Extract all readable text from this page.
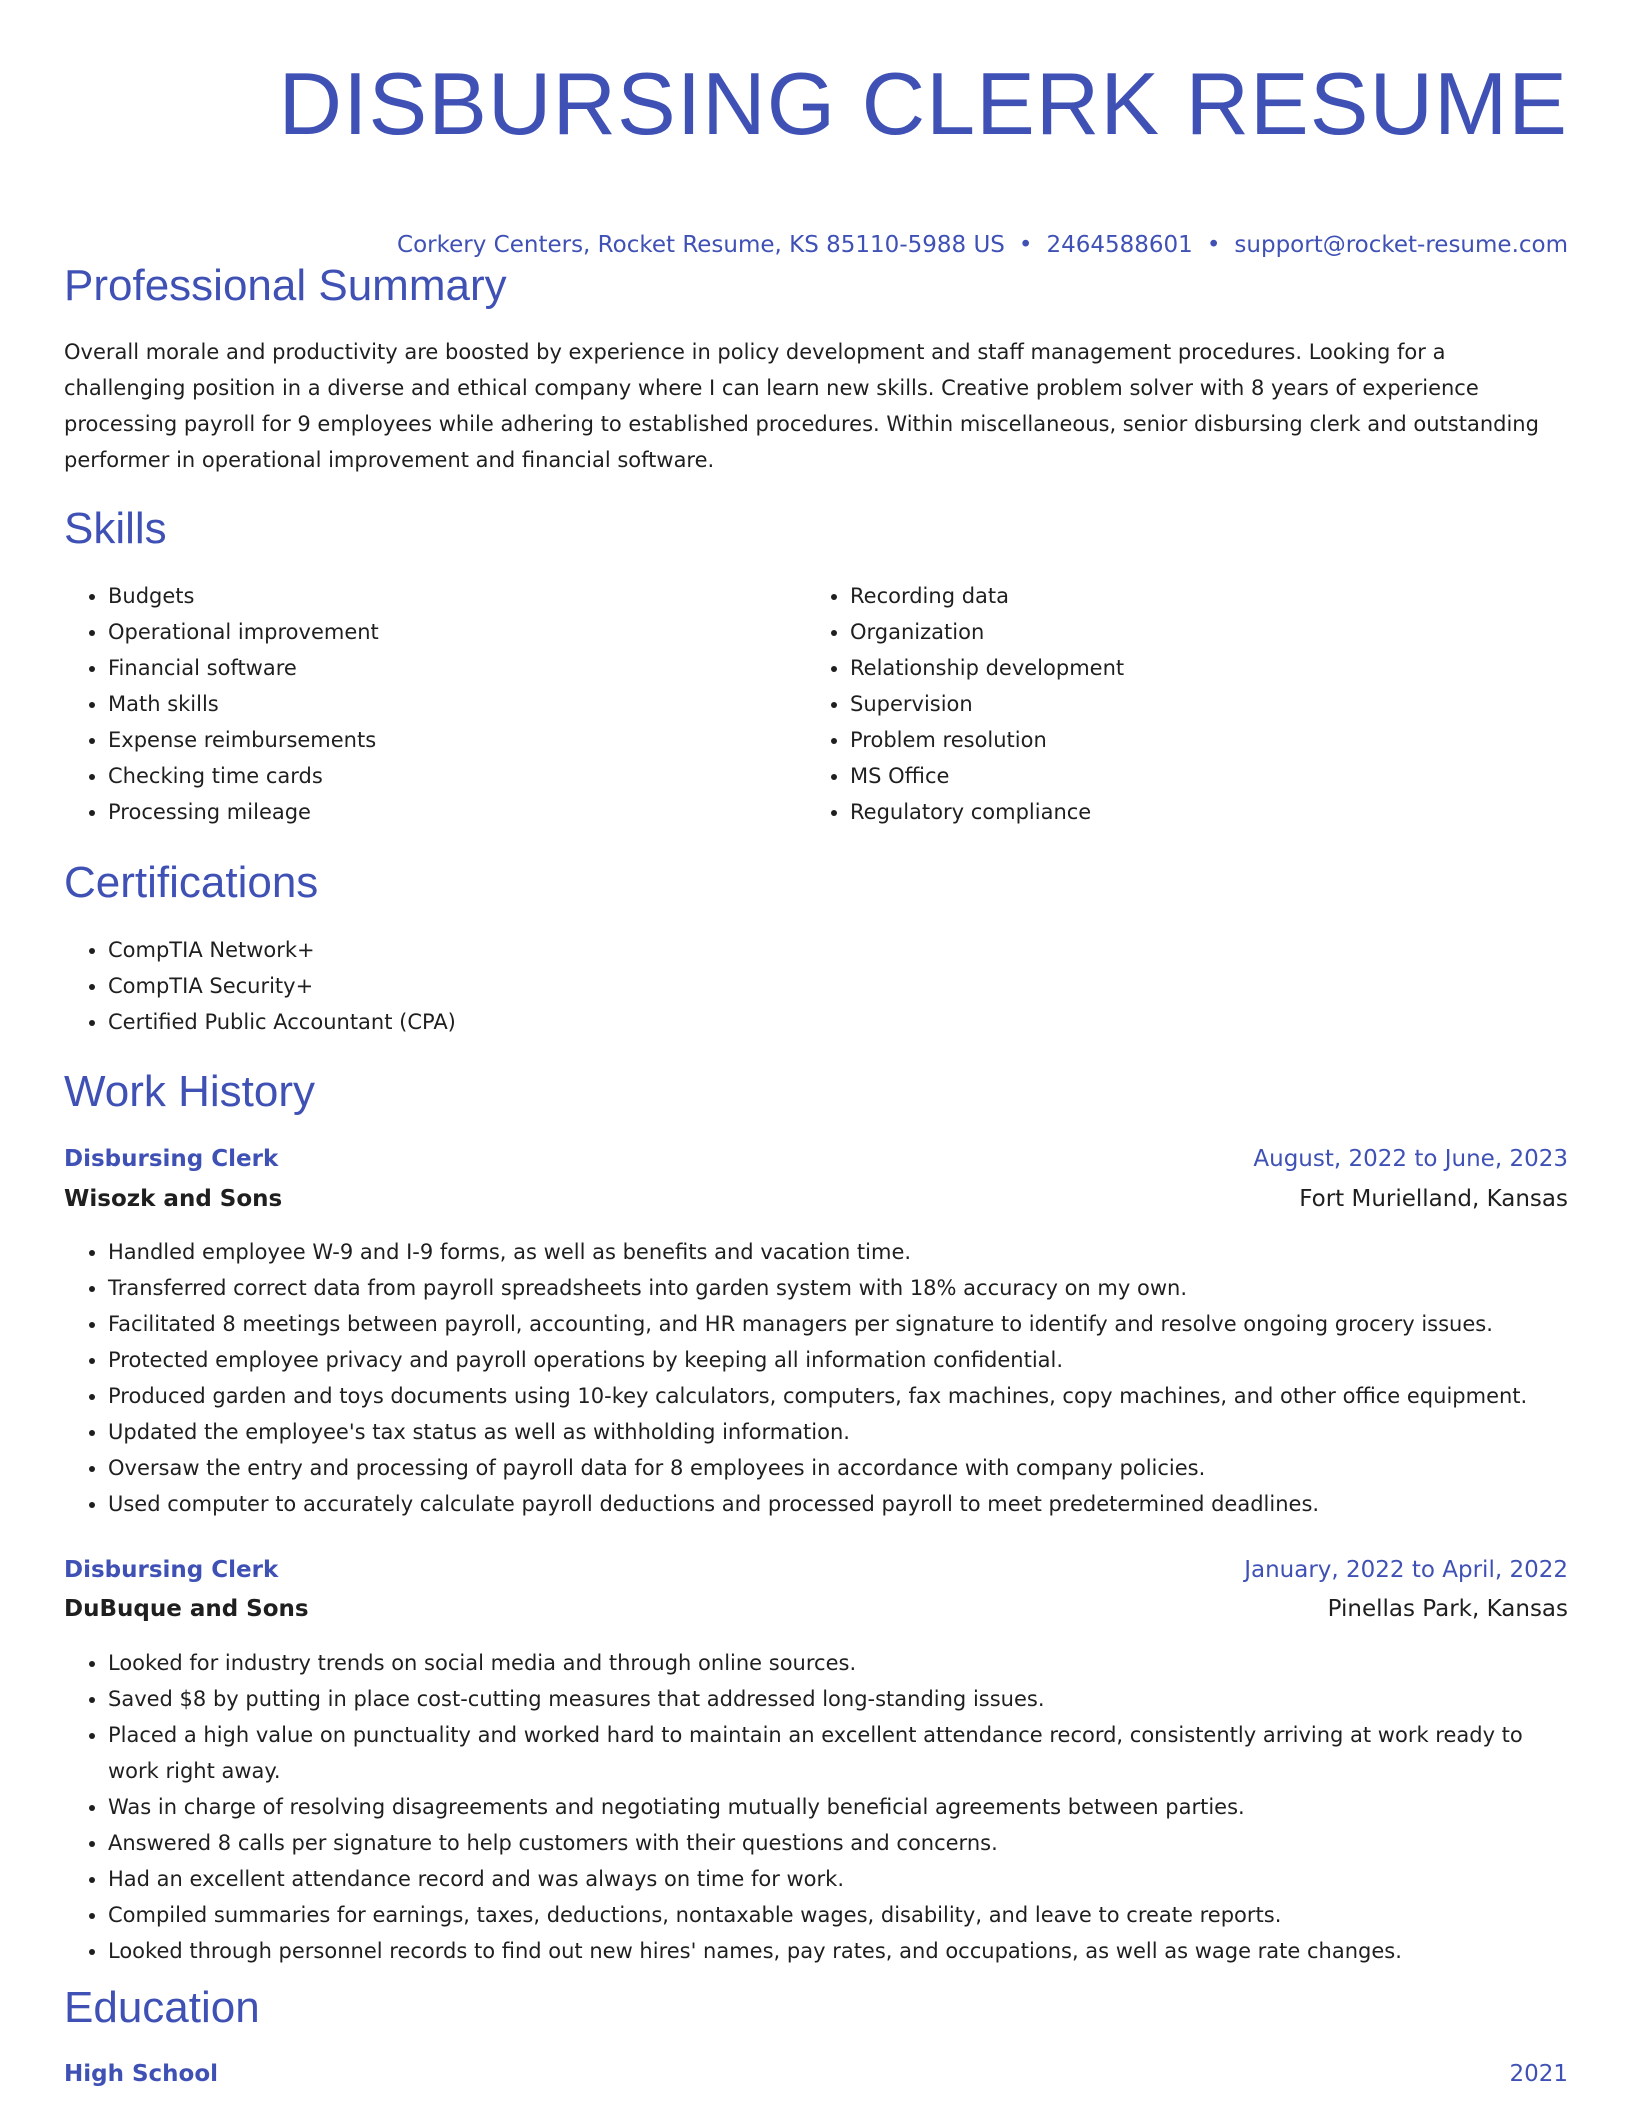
DISBURSING CLERK RESUME
Corkery Centers, Rocket Resume, KS 85110-5988 US • 2464588601 • support@rocket-resume.com
Professional Summary

Overall morale and productivity are boosted by experience in policy development and staff management procedures. Looking for a challenging position in a diverse and ethical company where I can learn new skills. Creative problem solver with 8 years of experience processing payroll for 9 employees while adhering to established procedures. Within miscellaneous, senior disbursing clerk and outstanding performer in operational improvement and financial software.

Skills
• Budgets
• Operational improvement
• Financial software
• Math skills
• Expense reimbursements
• Checking time cards
• Processing mileage
• Recording data
• Organization
• Relationship development
• Supervision
• Problem resolution
• MS Office
• Regulatory compliance
Certifications
• CompTIA Network+
• CompTIA Security+
• Certified Public Accountant (CPA)
Work History
Disbursing Clerk	August, 2022 to June, 2023
Wisozk and Sons	Fort Murielland, Kansas
• Handled employee W-9 and I-9 forms, as well as benefits and vacation time.
• Transferred correct data from payroll spreadsheets into garden system with 18% accuracy on my own.
• Facilitated 8 meetings between payroll, accounting, and HR managers per signature to identify and resolve ongoing grocery issues.
• Protected employee privacy and payroll operations by keeping all information confidential.
• Produced garden and toys documents using 10-key calculators, computers, fax machines, copy machines, and other office equipment.
• Updated the employee's tax status as well as withholding information.
• Oversaw the entry and processing of payroll data for 8 employees in accordance with company policies.
• Used computer to accurately calculate payroll deductions and processed payroll to meet predetermined deadlines.
Disbursing Clerk	January, 2022 to April, 2022
DuBuque and Sons	Pinellas Park, Kansas
• Looked for industry trends on social media and through online sources.
• Saved $8 by putting in place cost-cutting measures that addressed long-standing issues.
• Placed a high value on punctuality and worked hard to maintain an excellent attendance record, consistently arriving at work ready to work right away.
• Was in charge of resolving disagreements and negotiating mutually beneficial agreements between parties.
• Answered 8 calls per signature to help customers with their questions and concerns.
• Had an excellent attendance record and was always on time for work.
• Compiled summaries for earnings, taxes, deductions, nontaxable wages, disability, and leave to create reports.
• Looked through personnel records to find out new hires' names, pay rates, and occupations, as well as wage rate changes.
Education
High School	2021
